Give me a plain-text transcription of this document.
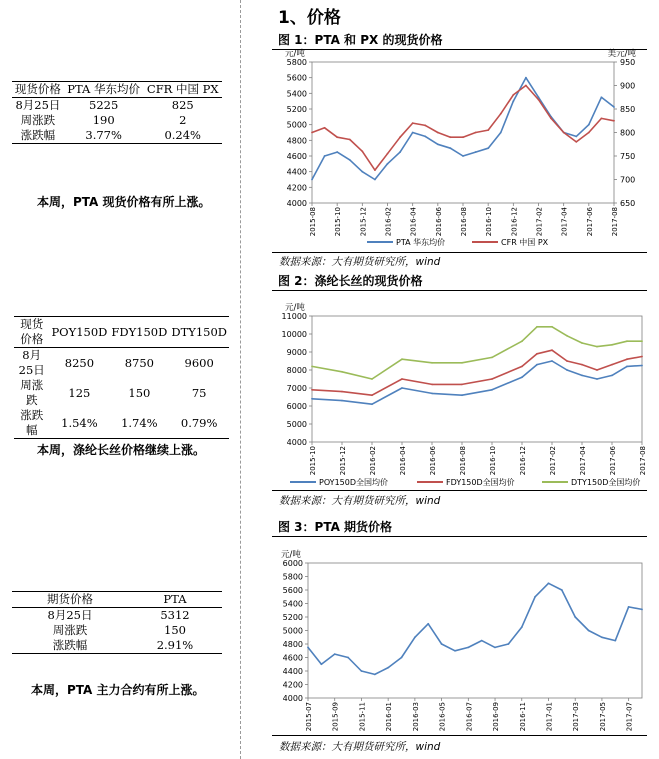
现货价格	PTA 华东均价	CFR 中国 PX
8月25日	5225	825
周涨跌	190	2
涨跌幅	3.77%	0.24%
本周，PTA 现货价格有所上涨。
现货价格	POY150D	FDY150D	DTY150D
8月25日	8250	8750	9600
周涨跌	125	150	75
涨跌幅	1.54%	1.74%	0.79%
本周，涤纶长丝价格继续上涨。
期货价格	PTA
8月25日	5312
周涨跌	150
涨跌幅	2.91%
本周，PTA 主力合约有所上涨。
1、价格
图 1：PTA 和 PX 的现货价格
4000
4200
4400
4600
4800
5000
5200
5400
5600
5800
650
700
750
800
850
900
950
2015-08 2015-10 2015-12 2016-02 2016-04 2016-06 2016-08 2016-10 2016-12 2017-02 2017-04 2017-06 2017-08
元/吨	美元/吨
PTA 华东均价	CFR 中国 PX
数据来源：大有期货研究所，wind
图 2：涤纶长丝的现货价格
4000
5000
6000
7000
8000
9000
10000
11000
2015-10	2015-12	2016-02	2016-04	2016-06	2016-08	2016-10	2016-12	2017-02	2017-04	2017-06	2017-08
元/吨
POY150D全国均价	FDY150D全国均价	DTY150D全国均价
数据来源：大有期货研究所，wind
图 3：PTA 期货价格
4000
4200
4400
4600
4800
5000
5200
5400
5600
5800
6000
2015-07	2015-09	2015-11	2016-01	2016-03	2016-05	2016-07	2016-09	2016-11	2017-01	2017-03	2017-05	2017-07
元/吨
数据来源：大有期货研究所，wind
